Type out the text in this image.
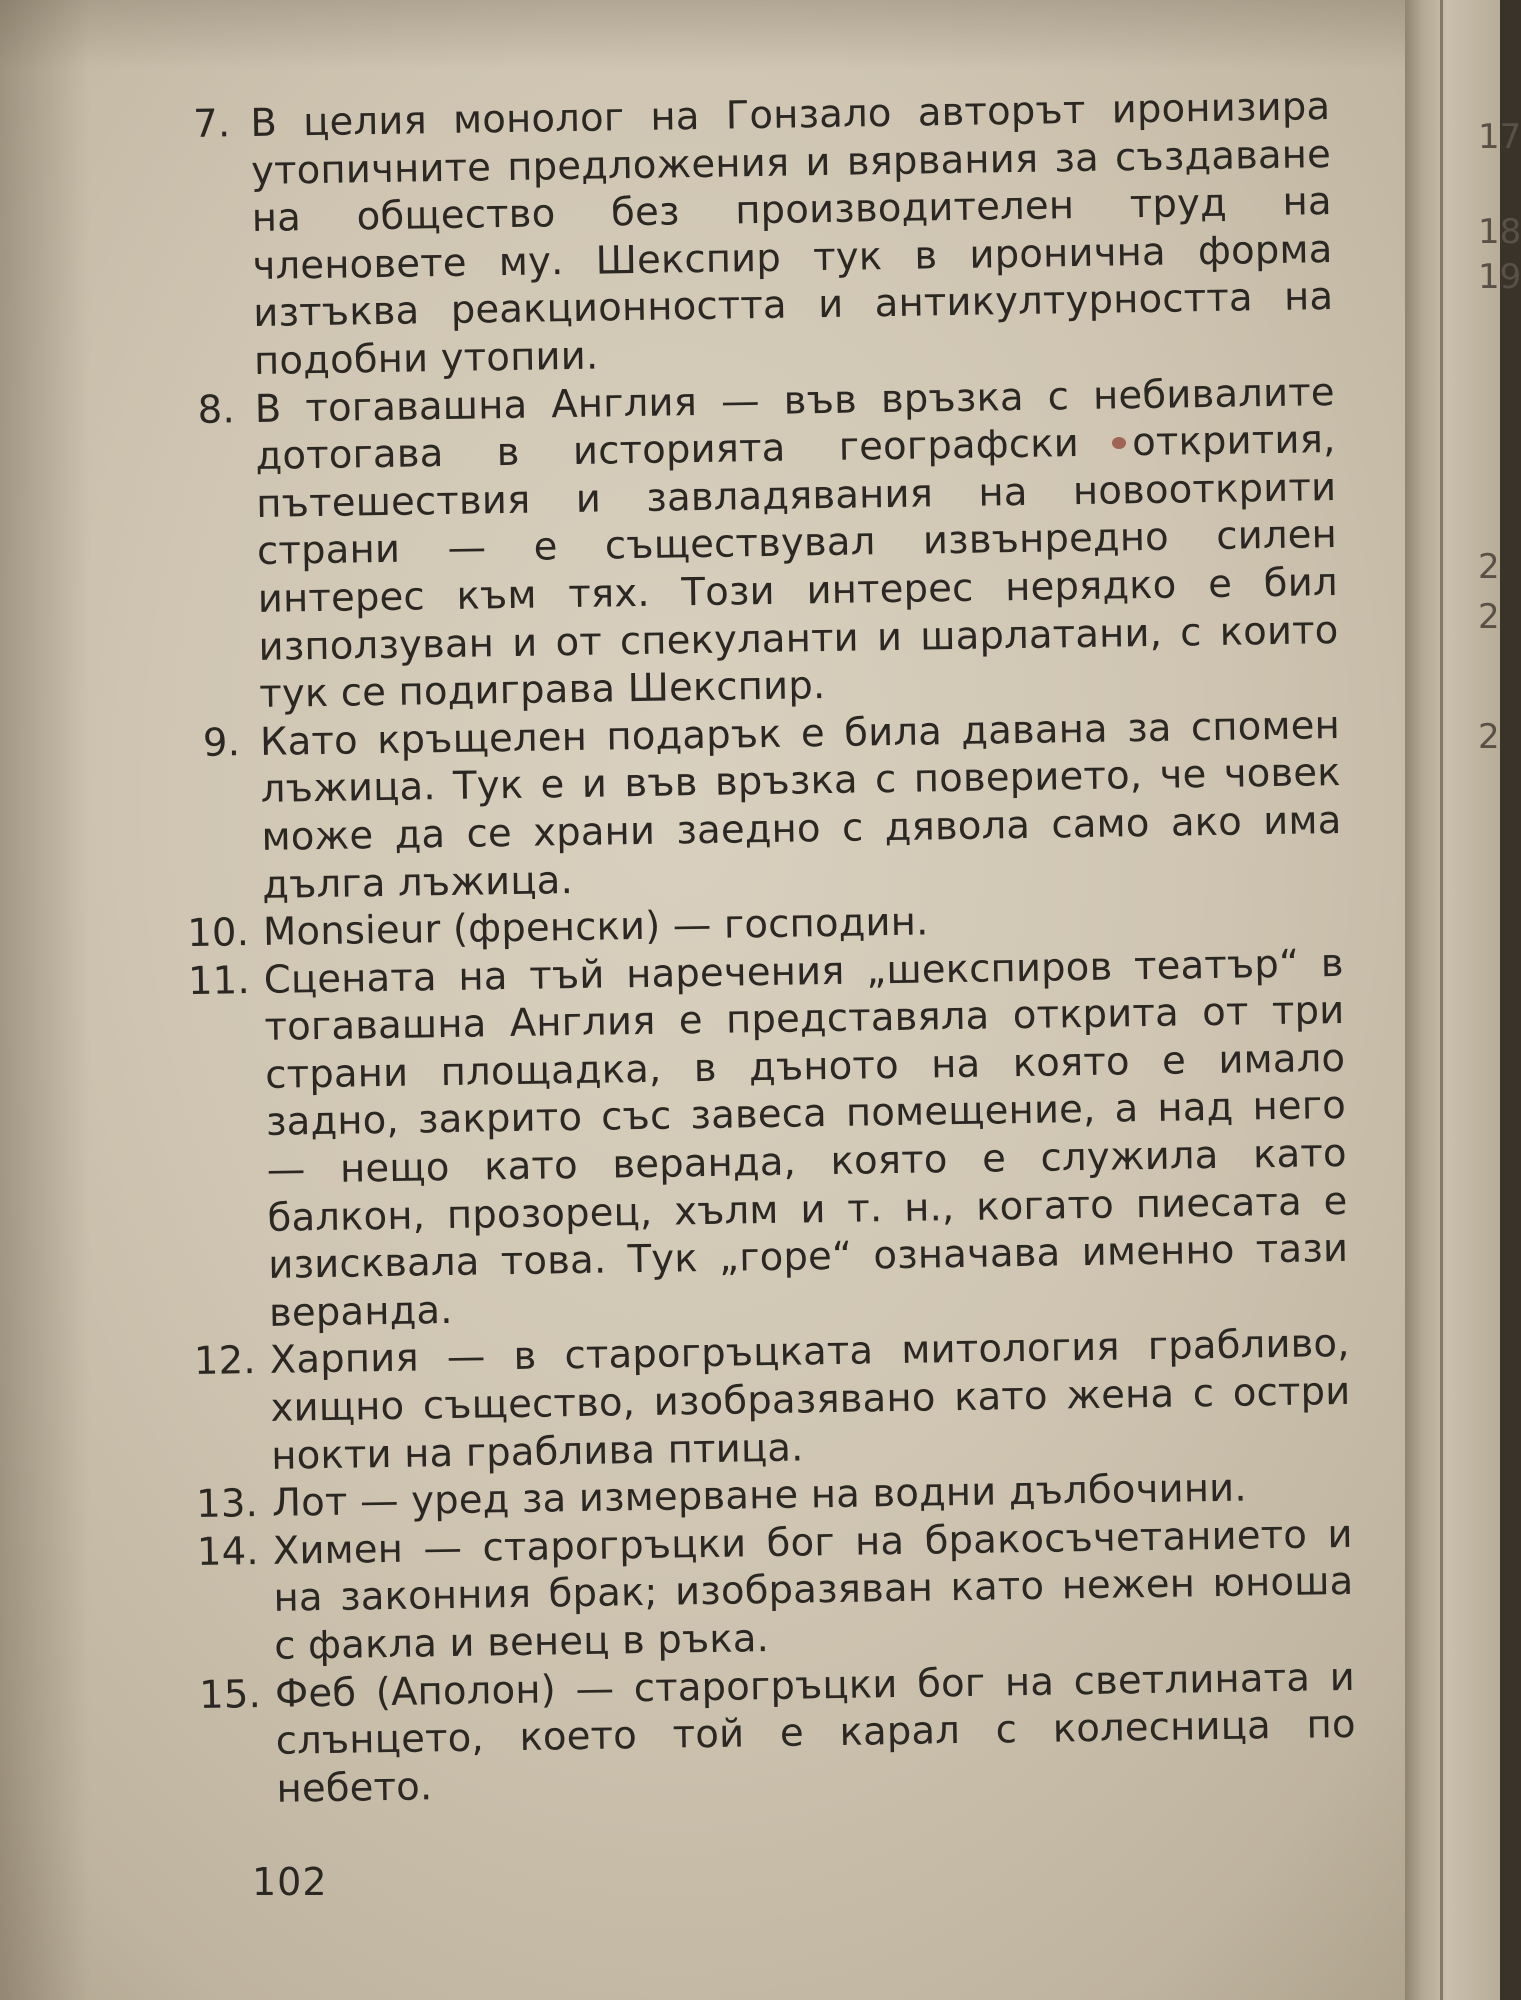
7. В целия монолог на Гонзало авторът иронизира утопичните предложения и вярвания за създаване на общество без производителен труд на членовете му. Шекспир тук в иронична форма изтъква реакционността и антикултурността на подобни утопии.
8. В тогавашна Англия — във връзка с небивалите дотогава в историята географски открития, пътешествия и завладявания на новооткрити страни — е съществувал извънредно силен интерес към тях. Този интерес нерядко е бил използуван и от спекуланти и шарлатани, с които тук се подиграва Шекспир.
9. Като кръщелен подарък е била давана за спомен лъжица. Тук е и във връзка с поверието, че човек може да се храни заедно с дявола само ако има дълга лъжица.
10. Monsieur (френски) — господин.
11. Сцената на тъй наречения „шекспиров театър“ в тогавашна Англия е представяла открита от три страни площадка, в дъното на която е имало задно, закрито със завеса помещение, а над него — нещо като веранда, която е служила като балкон, прозорец, хълм и т. н., когато пиесата е изисквала това. Тук „горе“ означава именно тази веранда.
12. Харпия — в старогръцката митология грабливо, хищно същество, изобразявано като жена с остри нокти на граблива птица.
13. Лот — уред за измерване на водни дълбочини.
14. Химен — старогръцки бог на бракосъчетанието и на законния брак; изобразяван като нежен юноша с факла и венец в ръка.
15. Феб (Аполон) — старогръцки бог на светлината и слънцето, което той е карал с колесница по небето.
102
17
18
19
2
2
2
